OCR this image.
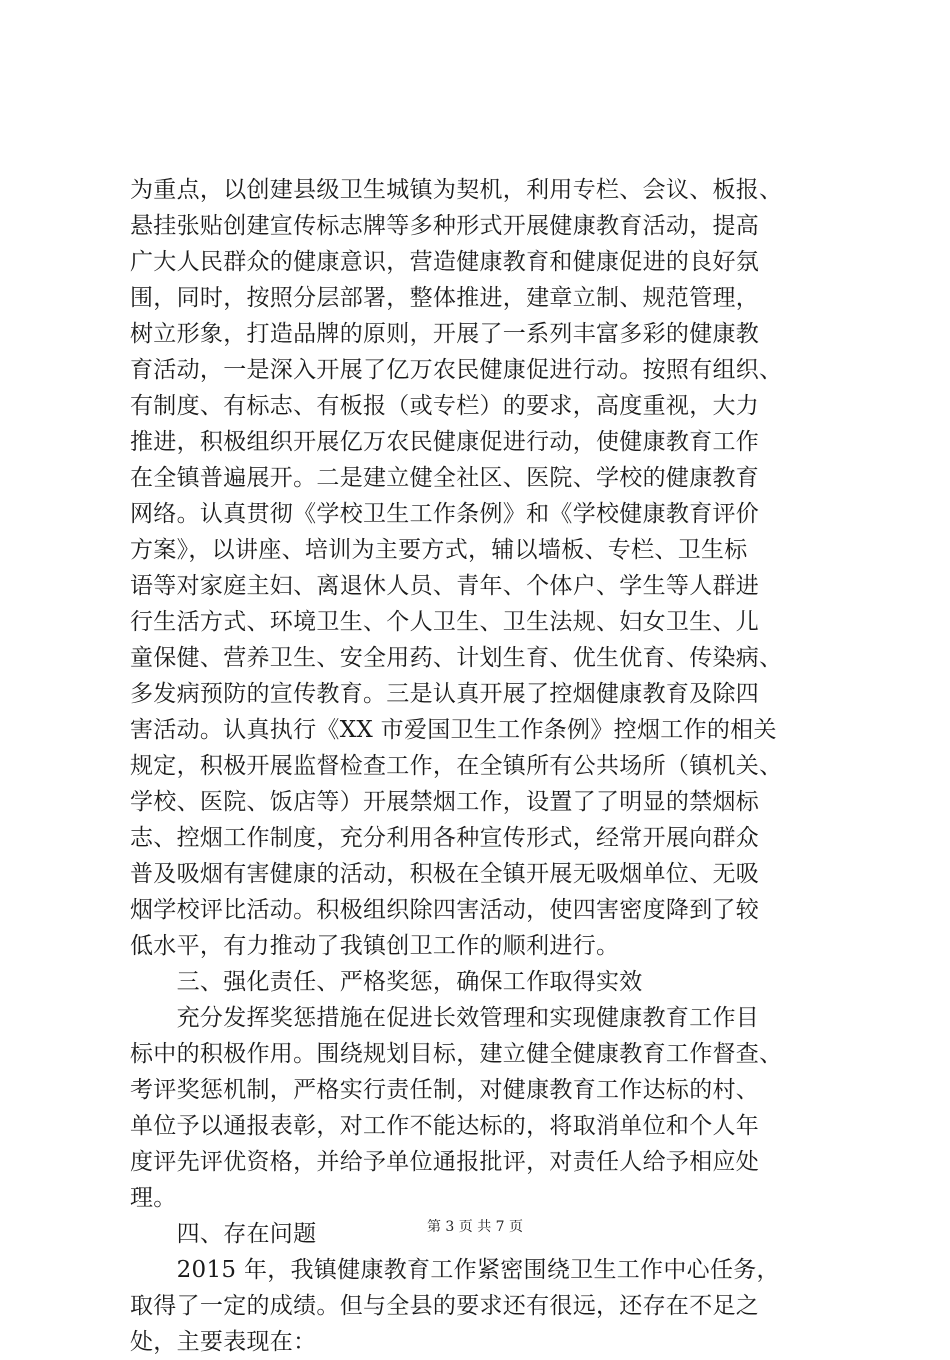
为重点，以创建县级卫生城镇为契机，利用专栏、会议、板报、
悬挂张贴创建宣传标志牌等多种形式开展健康教育活动，提高
广大人民群众的健康意识，营造健康教育和健康促进的良好氛
围，同时，按照分层部署，整体推进，建章立制、规范管理，
树立形象，打造品牌的原则，开展了一系列丰富多彩的健康教
育活动，一是深入开展了亿万农民健康促进行动。按照有组织、
有制度、有标志、有板报（或专栏）的要求，高度重视，大力
推进，积极组织开展亿万农民健康促进行动，使健康教育工作
在全镇普遍展开。二是建立健全社区、医院、学校的健康教育
网络。认真贯彻《学校卫生工作条例》和《学校健康教育评价
方案》，以讲座、培训为主要方式，辅以墙板、专栏、卫生标
语等对家庭主妇、离退休人员、青年、个体户、学生等人群进
行生活方式、环境卫生、个人卫生、卫生法规、妇女卫生、儿
童保健、营养卫生、安全用药、计划生育、优生优育、传染病、
多发病预防的宣传教育。三是认真开展了控烟健康教育及除四
害活动。认真执行《XX 市爱国卫生工作条例》控烟工作的相关
规定，积极开展监督检查工作，在全镇所有公共场所（镇机关、
学校、医院、饭店等）开展禁烟工作，设置了了明显的禁烟标
志、控烟工作制度，充分利用各种宣传形式，经常开展向群众
普及吸烟有害健康的活动，积极在全镇开展无吸烟单位、无吸
烟学校评比活动。积极组织除四害活动，使四害密度降到了较
低水平，有力推动了我镇创卫工作的顺利进行。
　　三、强化责任、严格奖惩，确保工作取得实效
　　充分发挥奖惩措施在促进长效管理和实现健康教育工作目
标中的积极作用。围绕规划目标，建立健全健康教育工作督查、
考评奖惩机制，严格实行责任制，对健康教育工作达标的村、
单位予以通报表彰，对工作不能达标的，将取消单位和个人年
度评先评优资格，并给予单位通报批评，对责任人给予相应处
理。
　　四、存在问题
　　2015 年，我镇健康教育工作紧密围绕卫生工作中心任务，
取得了一定的成绩。但与全县的要求还有很远，还存在不足之
处，主要表现在：
第 3 页 共 7 页
